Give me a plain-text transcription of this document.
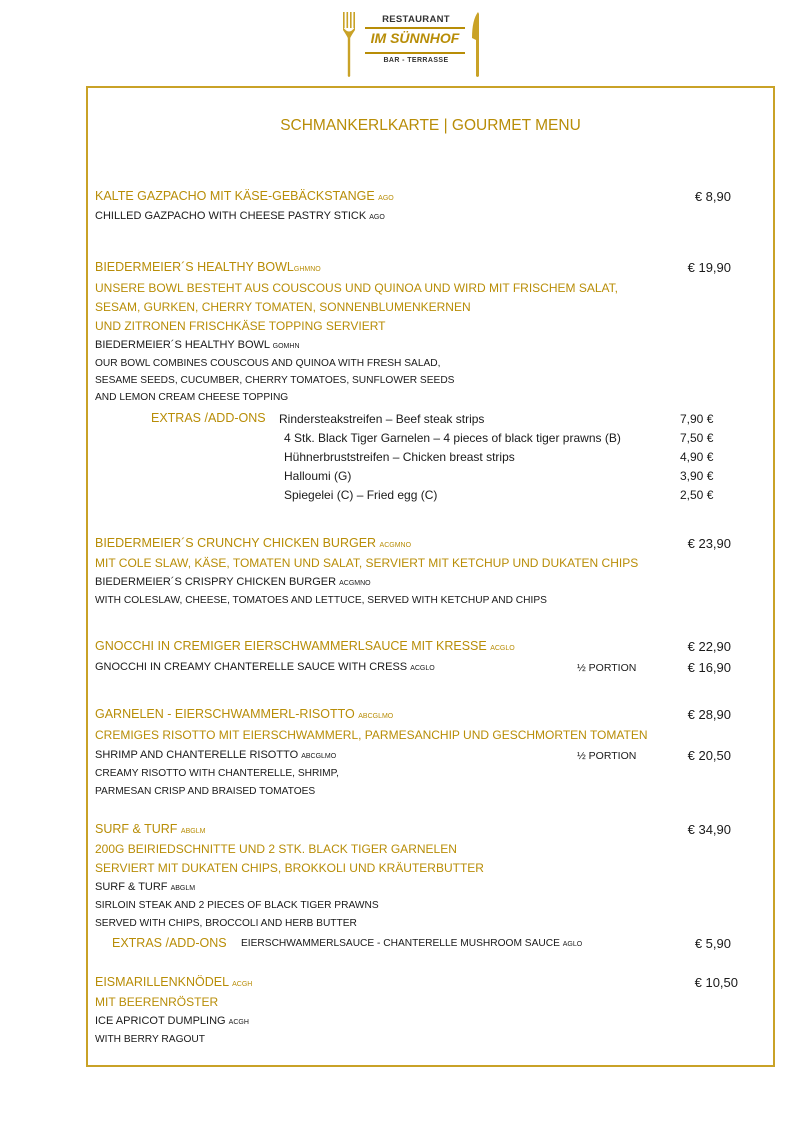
RESTAURANT
IM SÜNNHOF
BAR - TERRASSE
SCHMANKERLKARTE | GOURMET MENU
KALTE GAZPACHO MIT KÄSE-GEBÄCKSTANGE AGO	€ 8,90
CHILLED GAZPACHO WITH CHEESE PASTRY STICK AGO
BIEDERMEIER´S HEALTHY BOWLGHMNO	€ 19,90
UNSERE BOWL BESTEHT AUS COUSCOUS UND QUINOA UND WIRD MIT FRISCHEM SALAT,
SESAM, GURKEN, CHERRY TOMATEN, SONNENBLUMENKERNEN
UND ZITRONEN FRISCHKÄSE TOPPING SERVIERT
BIEDERMEIER´S HEALTHY BOWL GOMHN
OUR BOWL COMBINES COUSCOUS AND QUINOA WITH FRESH SALAD,
SESAME SEEDS, CUCUMBER, CHERRY TOMATOES, SUNFLOWER SEEDS
AND LEMON CREAM CHEESE TOPPING
EXTRAS /ADD-ONS Rindersteakstreifen – Beef steak strips	7,90 €
4 Stk. Black Tiger Garnelen – 4 pieces of black tiger prawns (B)	7,50 €
Hühnerbruststreifen – Chicken breast strips	4,90 €
Halloumi (G)	3,90 €
Spiegelei (C) – Fried egg (C)	2,50 €
BIEDERMEIER´S CRUNCHY CHICKEN BURGER ACGMNO	€ 23,90
MIT COLE SLAW, KÄSE, TOMATEN UND SALAT, SERVIERT MIT KETCHUP UND DUKATEN CHIPS
BIEDERMEIER´S CRISPRY CHICKEN BURGER ACGMNO
WITH COLESLAW, CHEESE, TOMATOES AND LETTUCE, SERVED WITH KETCHUP AND CHIPS
GNOCCHI IN CREMIGER EIERSCHWAMMERLSAUCE MIT KRESSE ACGLO	€ 22,90
GNOCCHI IN CREAMY CHANTERELLE SAUCE WITH CRESS ACGLO	½ PORTION	€ 16,90
GARNELEN - EIERSCHWAMMERL-RISOTTO ABCGLMO	€ 28,90
CREMIGES RISOTTO MIT EIERSCHWAMMERL, PARMESANCHIP UND GESCHMORTEN TOMATEN
SHRIMP AND CHANTERELLE RISOTTO ABCGLMO	½ PORTION	€ 20,50
CREAMY RISOTTO WITH CHANTERELLE, SHRIMP,
PARMESAN CRISP AND BRAISED TOMATOES
SURF & TURF ABGLM	€ 34,90
200G BEIRIEDSCHNITTE UND 2 STK. BLACK TIGER GARNELEN
SERVIERT MIT DUKATEN CHIPS, BROKKOLI UND KRÄUTERBUTTER
SURF & TURF ABGLM
SIRLOIN STEAK AND 2 PIECES OF BLACK TIGER PRAWNS
SERVED WITH CHIPS, BROCCOLI AND HERB BUTTER
EXTRAS /ADD-ONS EIERSCHWAMMERLSAUCE - CHANTERELLE MUSHROOM SAUCE AGLO	€ 5,90
EISMARILLENKNÖDEL ACGH	€ 10,50
MIT BEERENRÖSTER
ICE APRICOT DUMPLING ACGH
WITH BERRY RAGOUT
